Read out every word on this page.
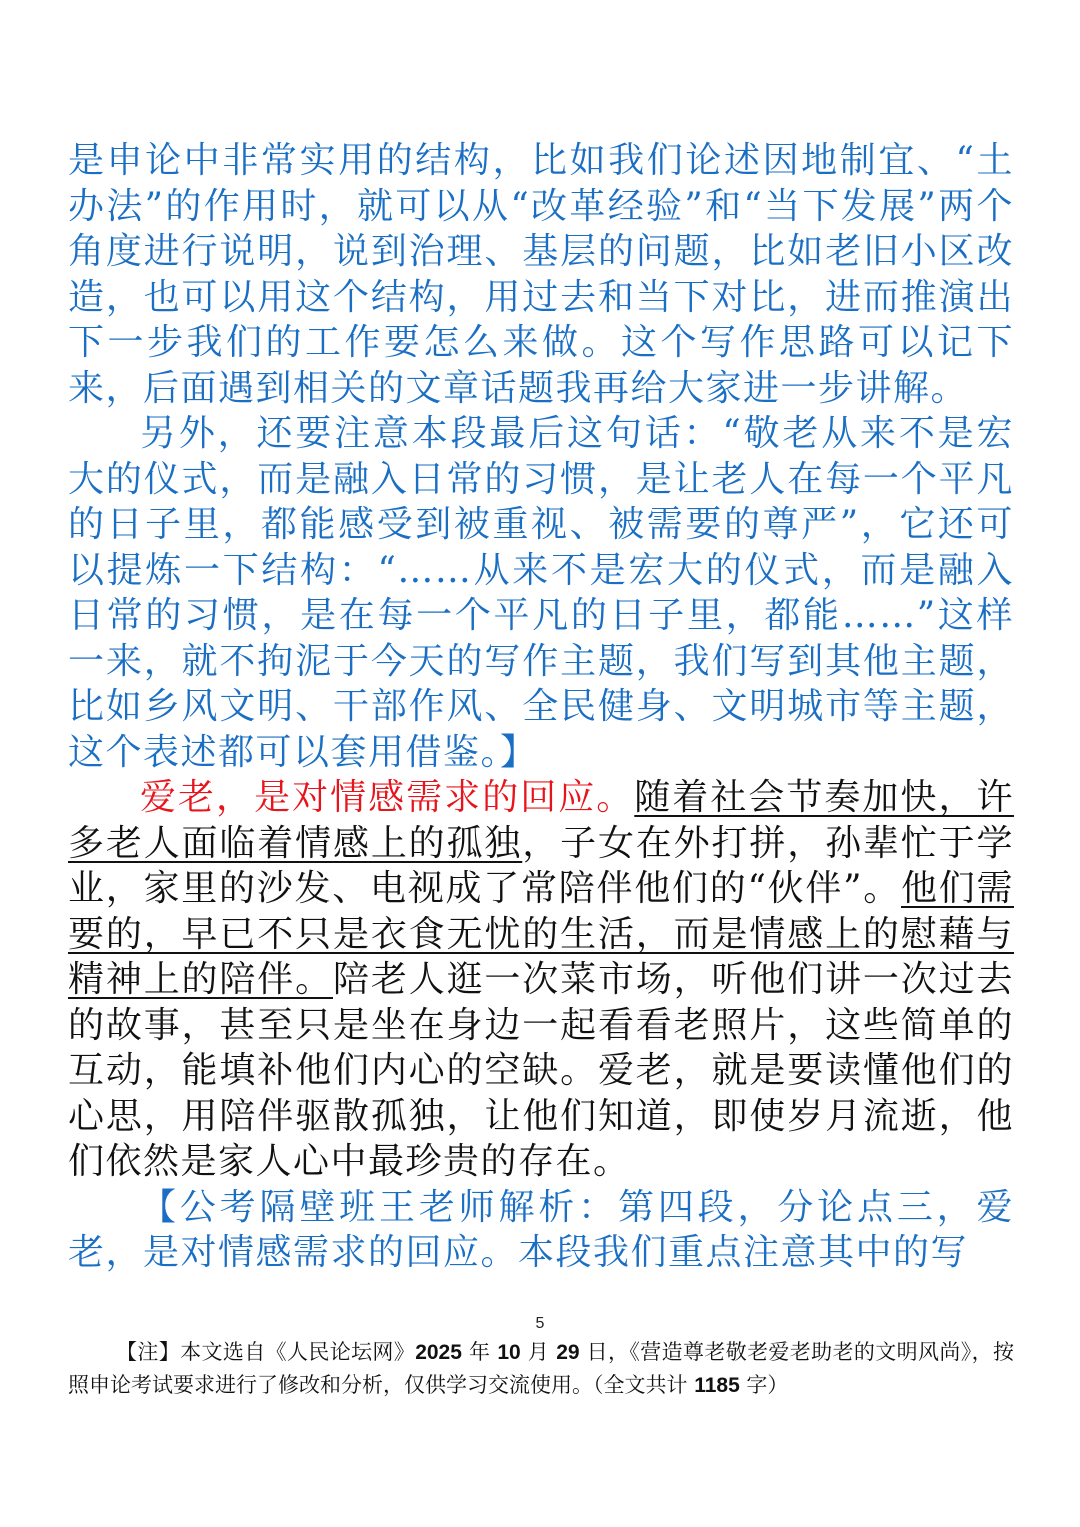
是申论中非常实用的结构，比如我们论述因地制宜、“土办法”的作用时，就可以从“改革经验”和“当下发展”两个角度进行说明，说到治理、基层的问题，比如老旧小区改造，也可以用这个结构，用过去和当下对比，进而推演出下一步我们的工作要怎么来做。这个写作思路可以记下来，后面遇到相关的文章话题我再给大家进一步讲解。

另外，还要注意本段最后这句话：“敬老从来不是宏大的仪式，而是融入日常的习惯，是让老人在每一个平凡的日子里，都能感受到被重视、被需要的尊严”，它还可以提炼一下结构：“……从来不是宏大的仪式，而是融入日常的习惯，是在每一个平凡的日子里，都能……”这样一来，就不拘泥于今天的写作主题，我们写到其他主题，比如乡风文明、干部作风、全民健身、文明城市等主题，这个表述都可以套用借鉴。】

爱老，是对情感需求的回应。随着社会节奏加快，许多老人面临着情感上的孤独，子女在外打拼，孙辈忙于学业，家里的沙发、电视成了常陪伴他们的“伙伴”。他们需要的，早已不只是衣食无忧的生活，而是情感上的慰藉与精神上的陪伴。陪老人逛一次菜市场，听他们讲一次过去的故事，甚至只是坐在身边一起看看老照片，这些简单的互动，能填补他们内心的空缺。爱老，就是要读懂他们的心思，用陪伴驱散孤独，让他们知道，即使岁月流逝，他们依然是家人心中最珍贵的存在。

【公考隔壁班王老师解析：第四段，分论点三，爱老，是对情感需求的回应。本段我们重点注意其中的写

5
【注】本文选自《人民论坛网》2025 年 10 月 29 日，《营造尊老敬老爱老助老的文明风尚》，按照申论考试要求进行了修改和分析，仅供学习交流使用。（全文共计 1185 字）
